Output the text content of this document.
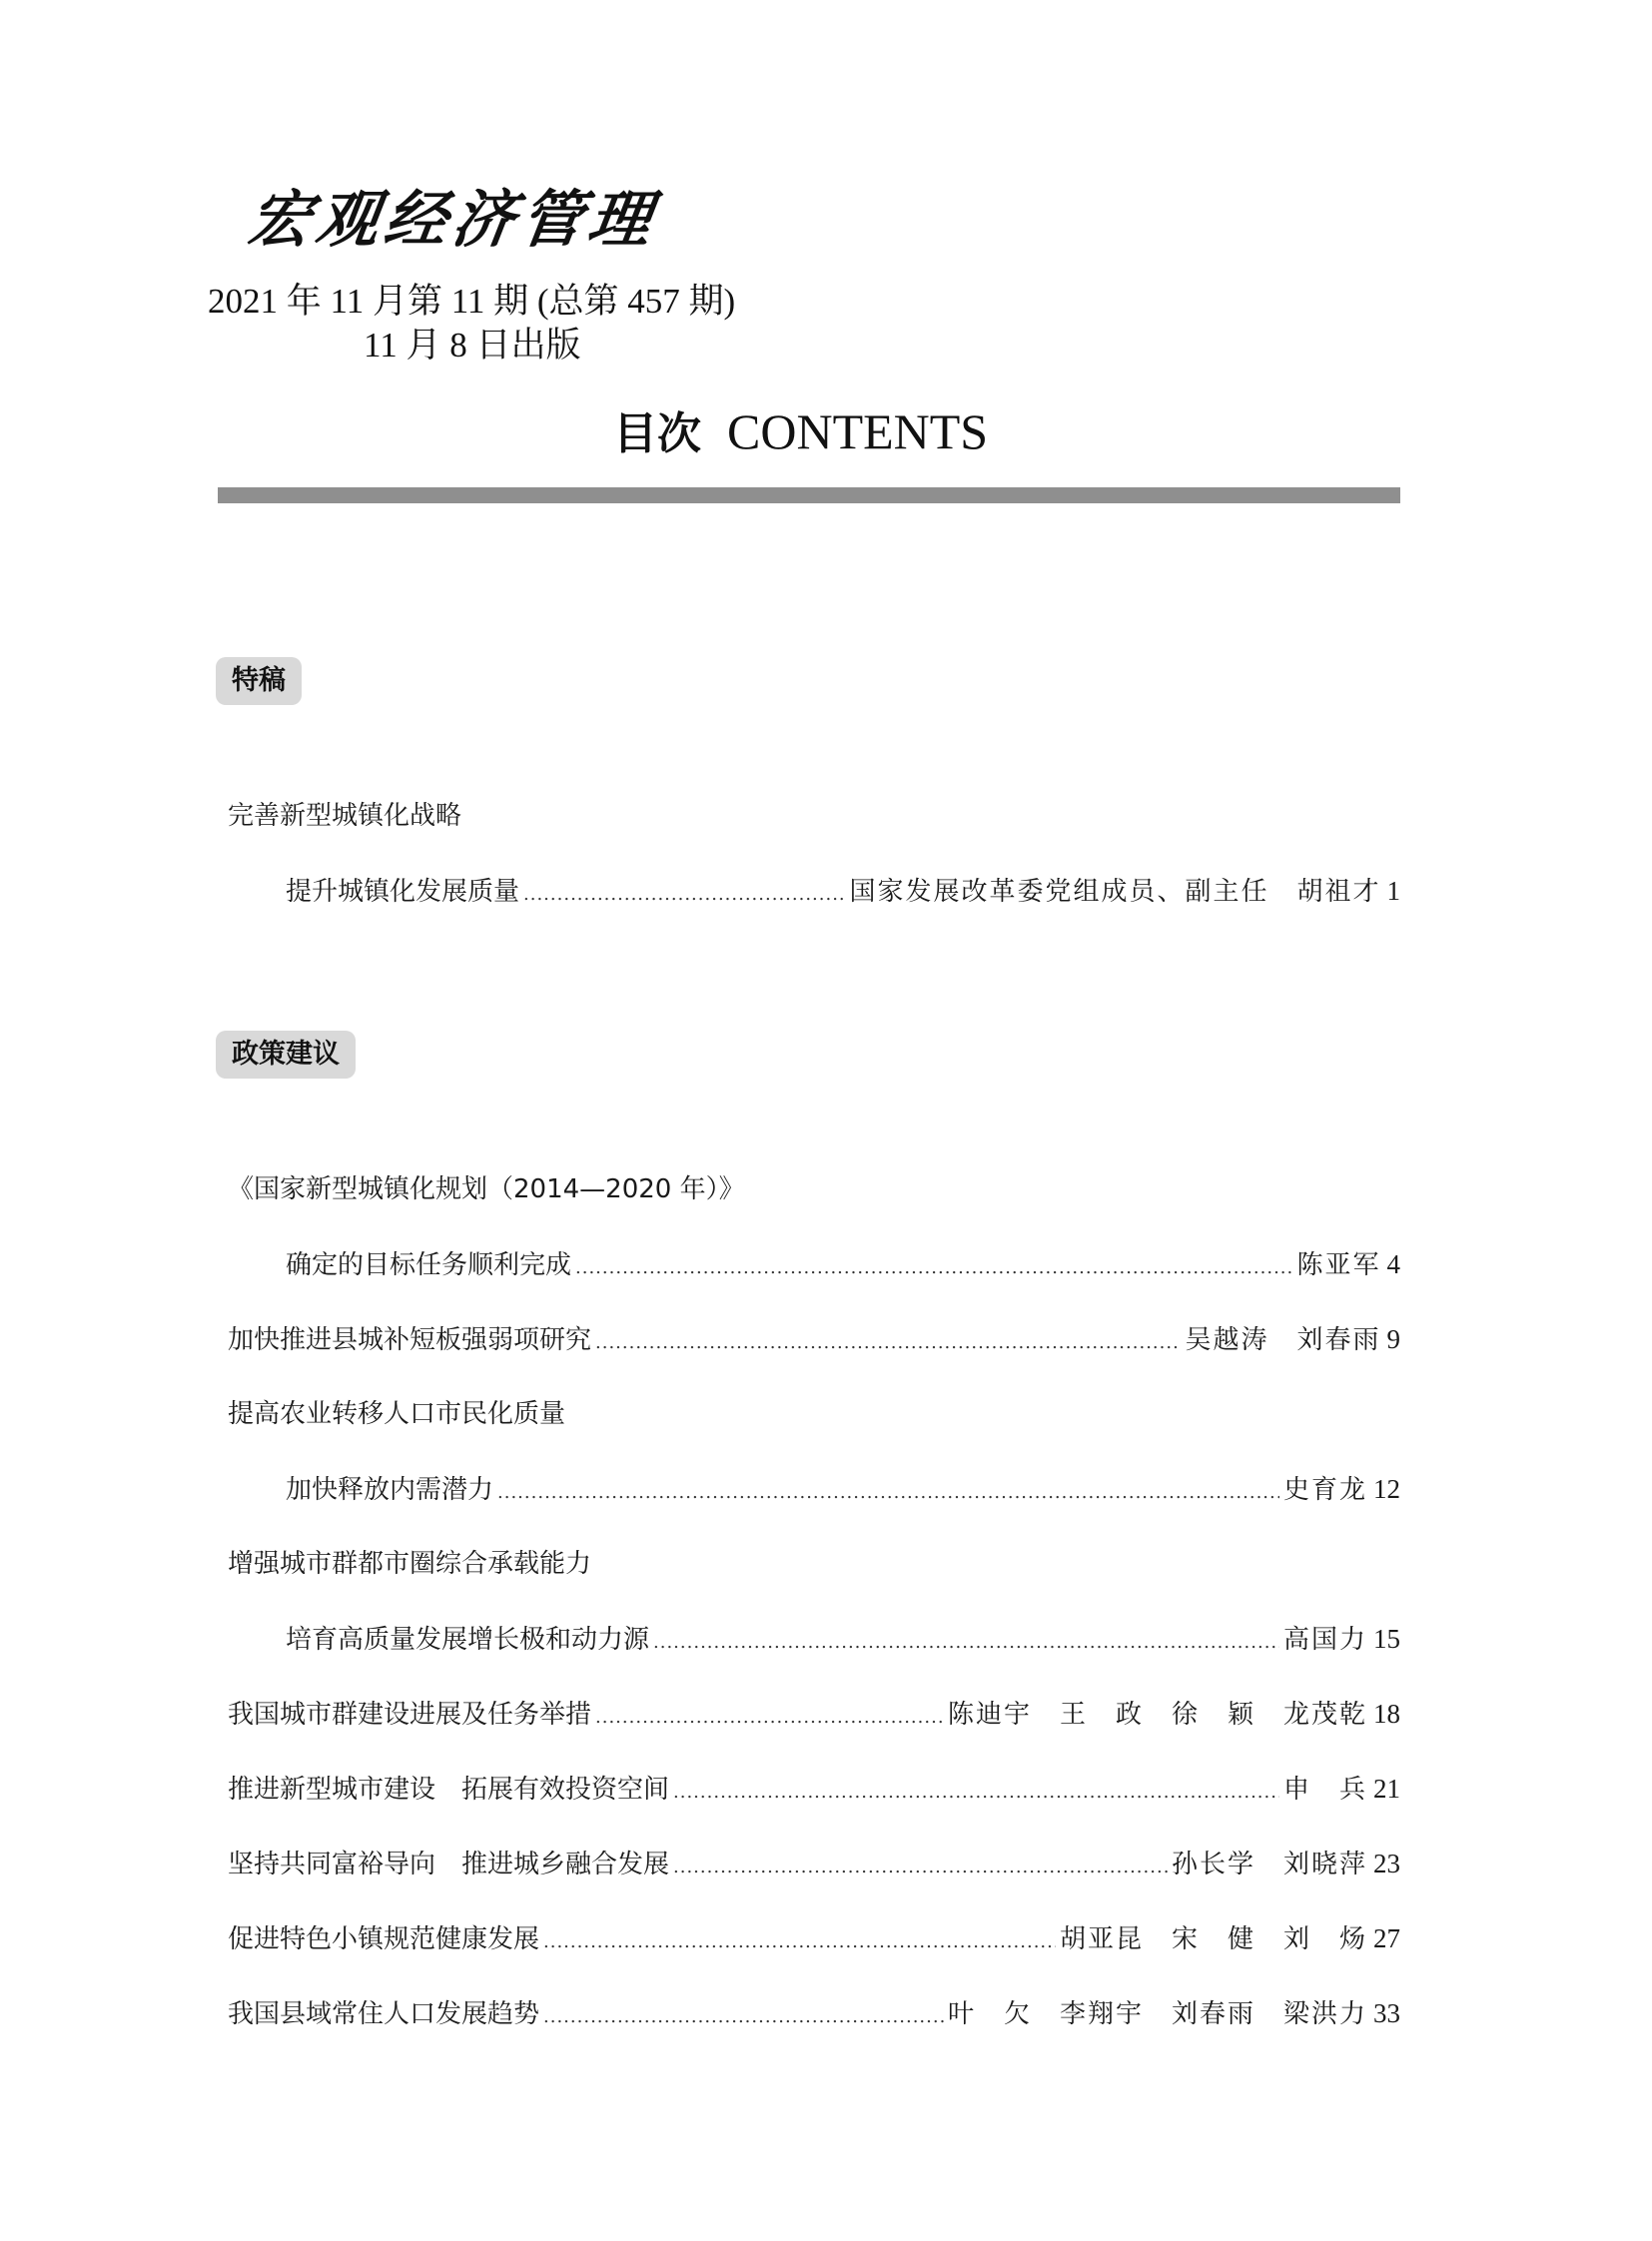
宏观经济管理
2021 年 11 月第 11 期 (总第 457 期)
11 月 8 日出版
目次 CONTENTS
特稿
完善新型城镇化战略
提升城镇化发展质量 .....	国家发展改革委党组成员、副主任　胡祖才 1
政策建议
《国家新型城镇化规划（2014—2020 年）》
确定的目标任务顺利完成 .....	陈亚军 4
加快推进县城补短板强弱项研究 .....	吴越涛　刘春雨 9
提高农业转移人口市民化质量
加快释放内需潜力 .....	史育龙 12
增强城市群都市圈综合承载能力
培育高质量发展增长极和动力源 .....	高国力 15
我国城市群建设进展及任务举措 .....	陈迪宇　王　政　徐　颖　龙茂乾 18
推进新型城市建设　拓展有效投资空间 .....	申　兵 21
坚持共同富裕导向　推进城乡融合发展 .....	孙长学　刘晓萍 23
促进特色小镇规范健康发展 .....	胡亚昆　宋　健　刘　炀 27
我国县域常住人口发展趋势 .....	叶　欠　李翔宇　刘春雨　梁洪力 33
